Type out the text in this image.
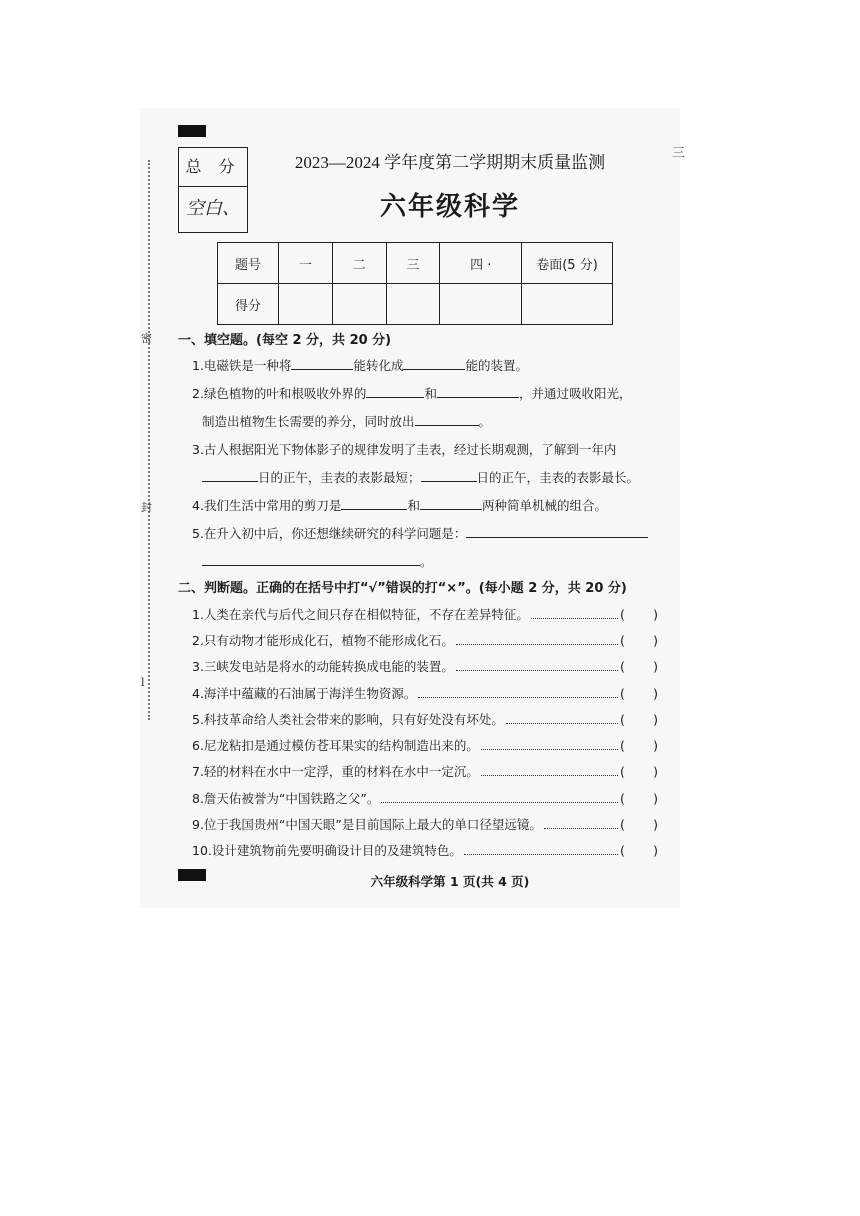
密
封
l
三
总 分
空白、
2023—2024 学年度第二学期期末质量监测
六年级科学
题号	一	二	三	四 ·	卷面(5 分)
得分					
一、填空题。(每空 2 分，共 20 分)
1.电磁铁是一种将	能转化成	能的装置。
2.绿色植物的叶和根吸收外界的	和	，并通过吸收阳光，
制造出植物生长需要的养分，同时放出	。
3.古人根据阳光下物体影子的规律发明了圭表，经过长期观测，了解到一年内
日的正午，圭表的表影最短；	日的正午，圭表的表影最长。
4.我们生活中常用的剪刀是	和	两种简单机械的组合。
5.在升入初中后，你还想继续研究的科学问题是：
。
二、判断题。正确的在括号中打“√”错误的打“×”。(每小题 2 分，共 20 分)
1.人类在亲代与后代之间只存在相似特征，不存在差异特征。	( )
2.只有动物才能形成化石，植物不能形成化石。	( )
3.三峡发电站是将水的动能转换成电能的装置。	( )
4.海洋中蕴藏的石油属于海洋生物资源。	( )
5.科技革命给人类社会带来的影响，只有好处没有坏处。	( )
6.尼龙粘扣是通过模仿苍耳果实的结构制造出来的。	( )
7.轻的材料在水中一定浮，重的材料在水中一定沉。	( )
8.詹天佑被誉为“中国铁路之父”。	( )
9.位于我国贵州“中国天眼”是目前国际上最大的单口径望远镜。	( )
10.设计建筑物前先要明确设计目的及建筑特色。	( )
六年级科学第 1 页(共 4 页)
